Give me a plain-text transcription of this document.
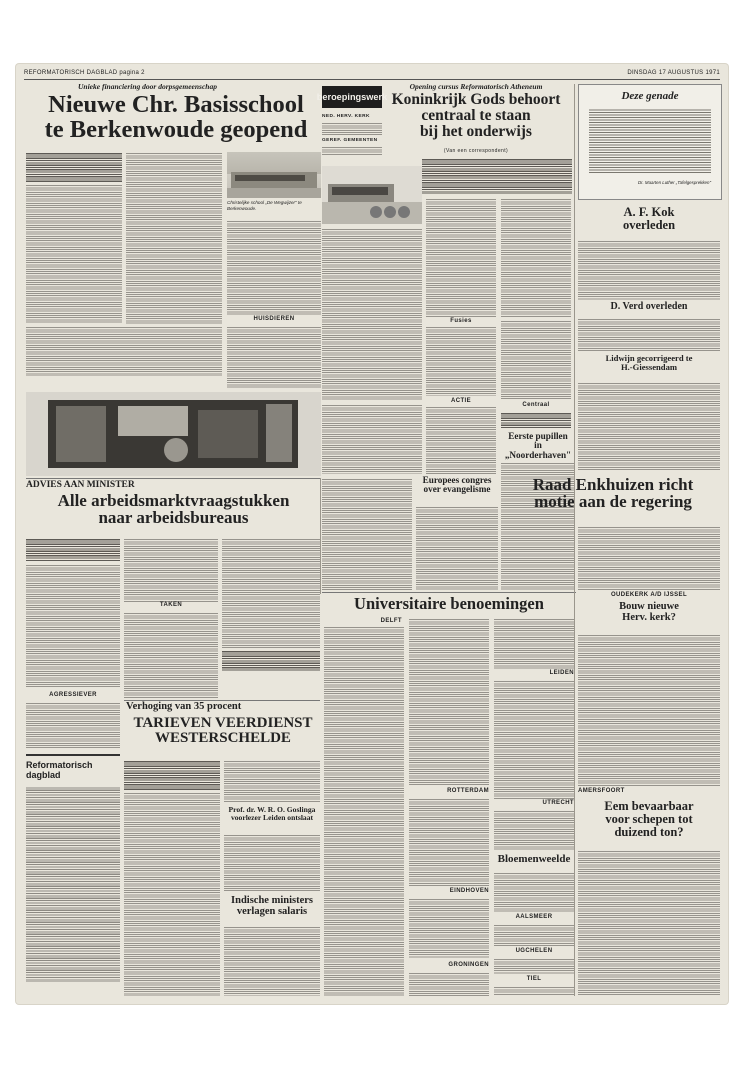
REFORMATORISCH DAGBLAD pagina 2	DINSDAG 17 AUGUSTUS 1971
Unieke financiering door dorpsgemeenschap
Nieuwe Chr. Basisschool
te Berkenwoude geopend
Christelijke school „De Wegwijzer" te Berkenwoude.
HUISDIEREN
beroepingswerk
NED. HERV. KERK
GEREF. GEMEENTEN
Opening cursus Reformatorisch Atheneum
Koninkrijk Gods behoort
centraal te staan
bij het onderwijs
(Van een correspondent)
Fusies
ACTIE
Centraal
Eerste pupillen
in „Noorderhaven"
Europees congres
over evangelisme
Deze genade
Dr. Maarten Luther „Tafelgesprekken"
A. F. Kok
overleden
D. Verd overleden
Lidwijn gecorrigeerd te
H.-Giessendam
Raad Enkhuizen richt
motie aan de regering
OUDEKERK A/D IJSSEL
Bouw nieuwe
Herv. kerk?
AMERSFOORT
Eem bevaarbaar
voor schepen tot
duizend ton?
ADVIES AAN MINISTER
Alle arbeidsmarktvraagstukken
naar arbeidsbureaus
TAKEN
AGRESSIEVER
Verhoging van 35 procent
TARIEVEN VEERDIENST
WESTERSCHELDE
Prof. dr. W. R. O. Goslinga
voorlezer Leiden ontslaat
Indische ministers
verlagen salaris
Reformatorisch
dagblad
Universitaire benoemingen
DELFT
ROTTERDAM
EINDHOVEN
GRONINGEN
LEIDEN
UTRECHT
Bloemenweelde
AALSMEER
UGCHELEN
TIEL
